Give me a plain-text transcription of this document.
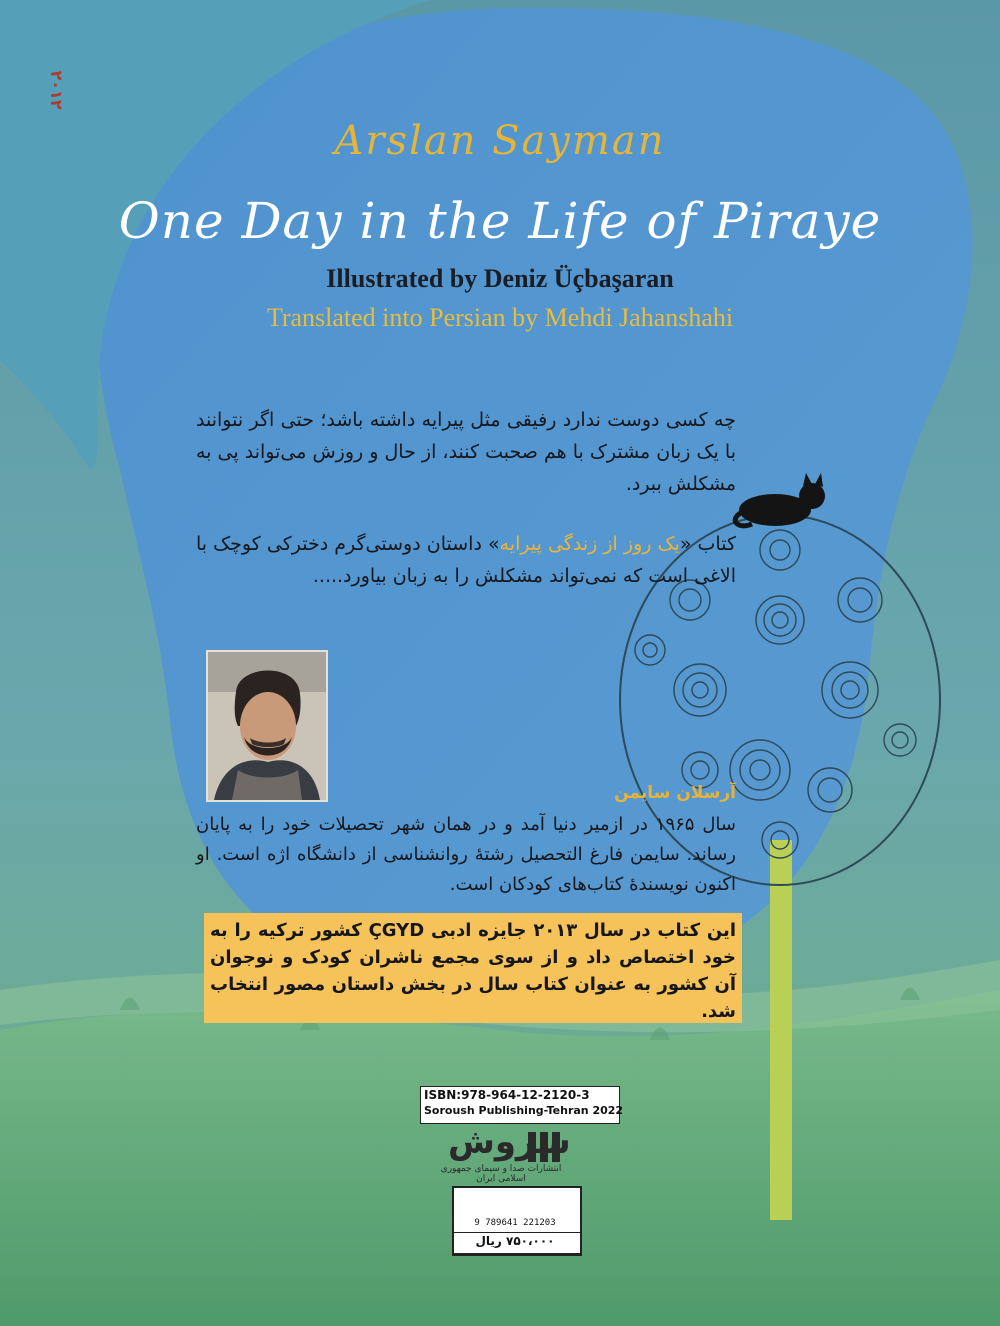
۲۰۱۲
Arslan Sayman
One Day in the Life of Piraye
Illustrated by Deniz Üçbaşaran
Translated into Persian by Mehdi Jahanshahi

چه کسی دوست ندارد رفیقی مثل پیرایه داشته باشد؛ حتی اگر نتوانند با یک زبان مشترک با هم صحبت کنند، از حال و روزش می‌تواند پی به مشکلش ببرد.

کتاب «یک روز از زندگی پیرایه» داستان دوستی‌گرم دخترکی کوچک با الاغی است که نمی‌تواند مشکلش را به زبان بیاورد.....

آرسلان سایمن

سال ۱۹۶۵ در ازمیر دنیا آمد و در همان شهر تحصیلات خود را به پایان رساند. سایمن فارغ التحصیل رشتهٔ روانشناسی از دانشگاه اژه است. او اکنون نویسندهٔ کتاب‌های کودکان است.

این کتاب در سال ۲۰۱۳ جایزه ادبی ÇGYD کشور ترکیه را به خود اختصاص داد و از سوی مجمع ناشران کودک و نوجوان آن کشور به عنوان کتاب سال در بخش داستان مصور انتخاب شد.

ISBN:978-964-12-2120-3
Soroush Publishing-Tehran 2022
سروش
انتشارات صدا و سیمای جمهوری اسلامی ایران
9 789641 221203
۷۵۰،۰۰۰ ریال
